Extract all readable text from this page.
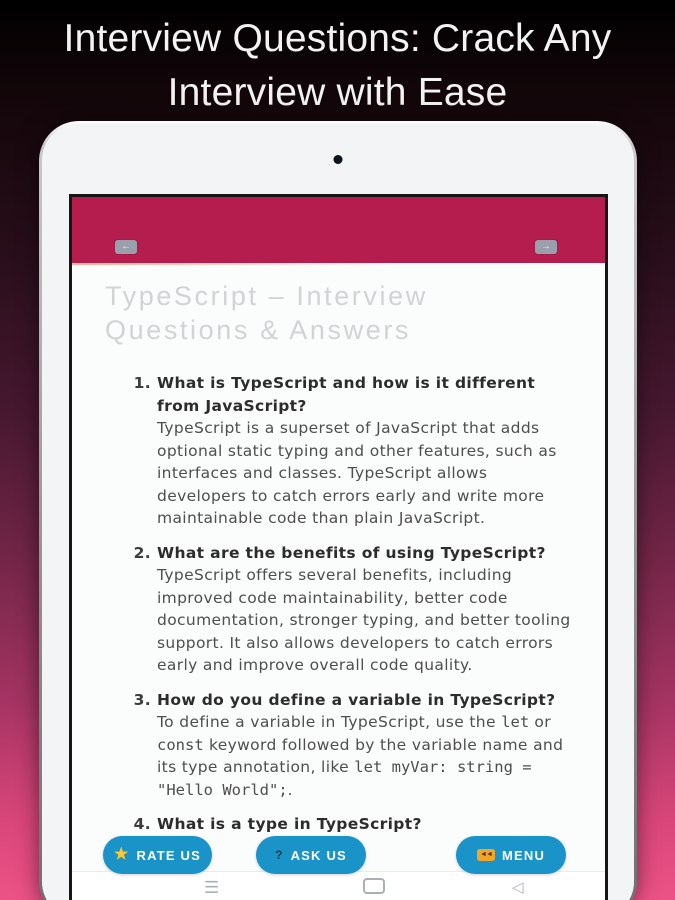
Interview Questions: Crack Any
Interview with Ease
←	→
TypeScript – Interview
Questions & Answers
1. What is TypeScript and how is it different from JavaScript?
TypeScript is a superset of JavaScript that adds optional static typing and other features, such as interfaces and classes. TypeScript allows developers to catch errors early and write more maintainable code than plain JavaScript.
2. What are the benefits of using TypeScript?
TypeScript offers several benefits, including improved code maintainability, better code documentation, stronger typing, and better tooling support. It also allows developers to catch errors early and improve overall code quality.
3. How do you define a variable in TypeScript?
To define a variable in TypeScript, use the let or const keyword followed by the variable name and its type annotation, like let myVar: string = "Hello World";.
4. What is a type in TypeScript?
★ RATE US	? ASK US	◄◄ MENU
☰	◁
